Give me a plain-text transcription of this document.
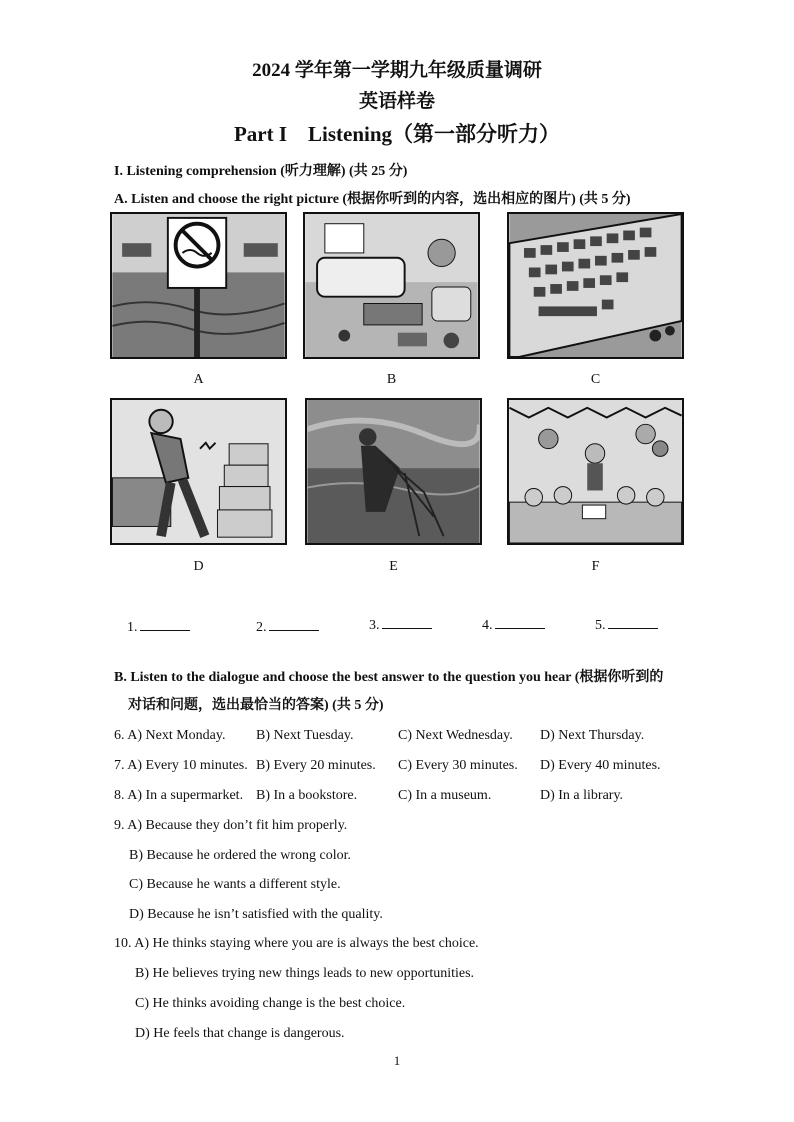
2024 学年第一学期九年级质量调研
英语样卷
Part I　Listening（第一部分听力）
I. Listening comprehension (听力理解) (共 25 分)
A. Listen and choose the right picture (根据你听到的内容，选出相应的图片) (共 5 分)
A	B	C
D	E	F
1.	2.	3.	4.	5.
B. Listen to the dialogue and choose the best answer to the question you hear (根据你听到的
对话和问题，选出最恰当的答案) (共 5 分)
6. A) Next Monday. B) Next Tuesday.	C) Next Wednesday. D) Next Thursday.
7. A) Every 10 minutes. B) Every 20 minutes. C) Every 30 minutes. D) Every 40 minutes.
8. A) In a supermarket. B) In a bookstore.	C) In a museum.	D) In a library.
9. A) Because they don’t fit him properly.
B) Because he ordered the wrong color.
C) Because he wants a different style.
D) Because he isn’t satisfied with the quality.
10. A) He thinks staying where you are is always the best choice.
B) He believes trying new things leads to new opportunities.
C) He thinks avoiding change is the best choice.
D) He feels that change is dangerous.
1
